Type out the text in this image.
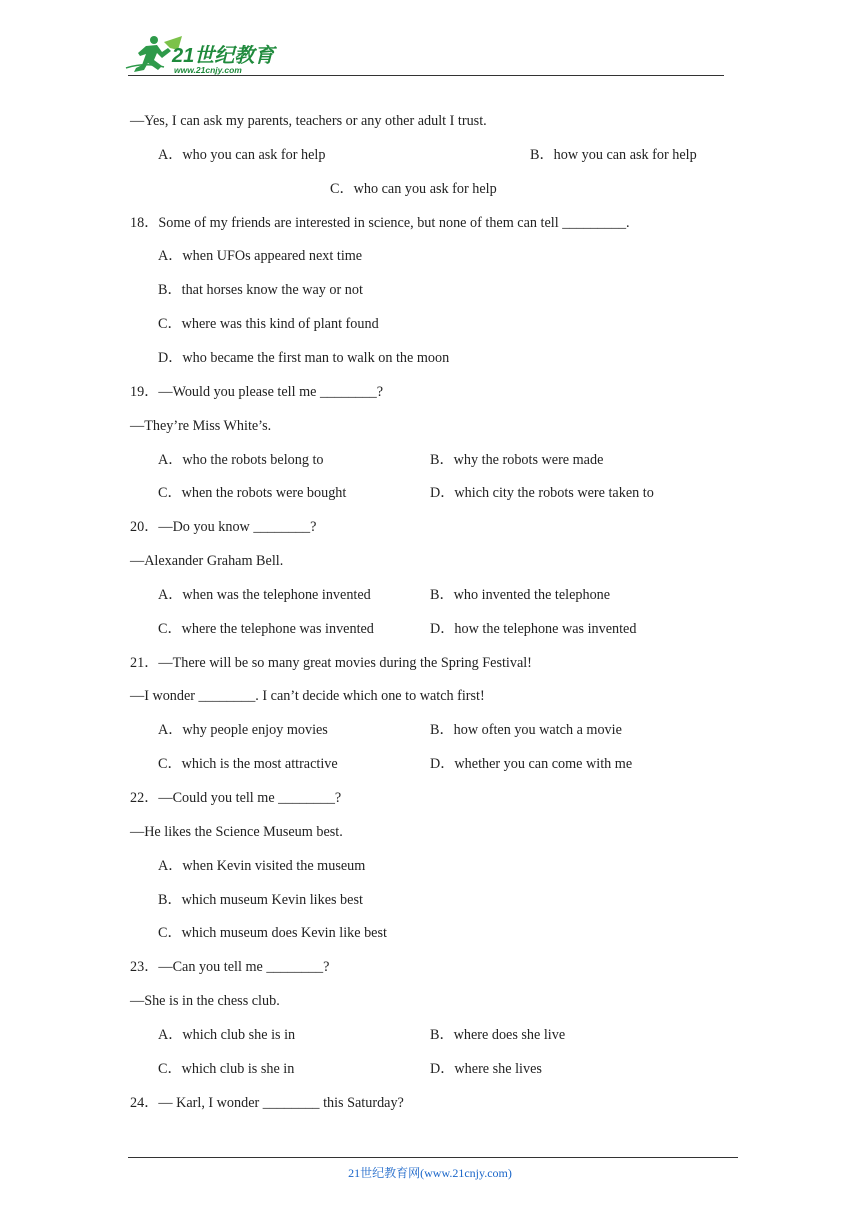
21世纪教育
www.21cnjy.com
—Yes, I can ask my parents, teachers or any other adult I trust.
A．who you can ask for help	B．how you can ask for help
C．who can you ask for help
18．Some of my friends are interested in science, but none of them can tell _________.
A．when UFOs appeared next time
B．that horses know the way or not
C．where was this kind of plant found
D．who became the first man to walk on the moon
19．—Would you please tell me ________?
—They’re Miss White’s.
A．who the robots belong to	B．why the robots were made
C．when the robots were bought	D．which city the robots were taken to
20．—Do you know ________?
—Alexander Graham Bell.
A．when was the telephone invented	B．who invented the telephone
C．where the telephone was invented	D．how the telephone was invented
21．—There will be so many great movies during the Spring Festival!
—I wonder ________. I can’t decide which one to watch first!
A．why people enjoy movies	B．how often you watch a movie
C．which is the most attractive	D．whether you can come with me
22．—Could you tell me ________?
—He likes the Science Museum best.
A．when Kevin visited the museum
B．which museum Kevin likes best
C．which museum does Kevin like best
23．—Can you tell me ________?
—She is in the chess club.
A．which club she is in	B．where does she live
C．which club is she in	D．where she lives
24．— Karl, I wonder ________ this Saturday?
21世纪教育网(www.21cnjy.com)
